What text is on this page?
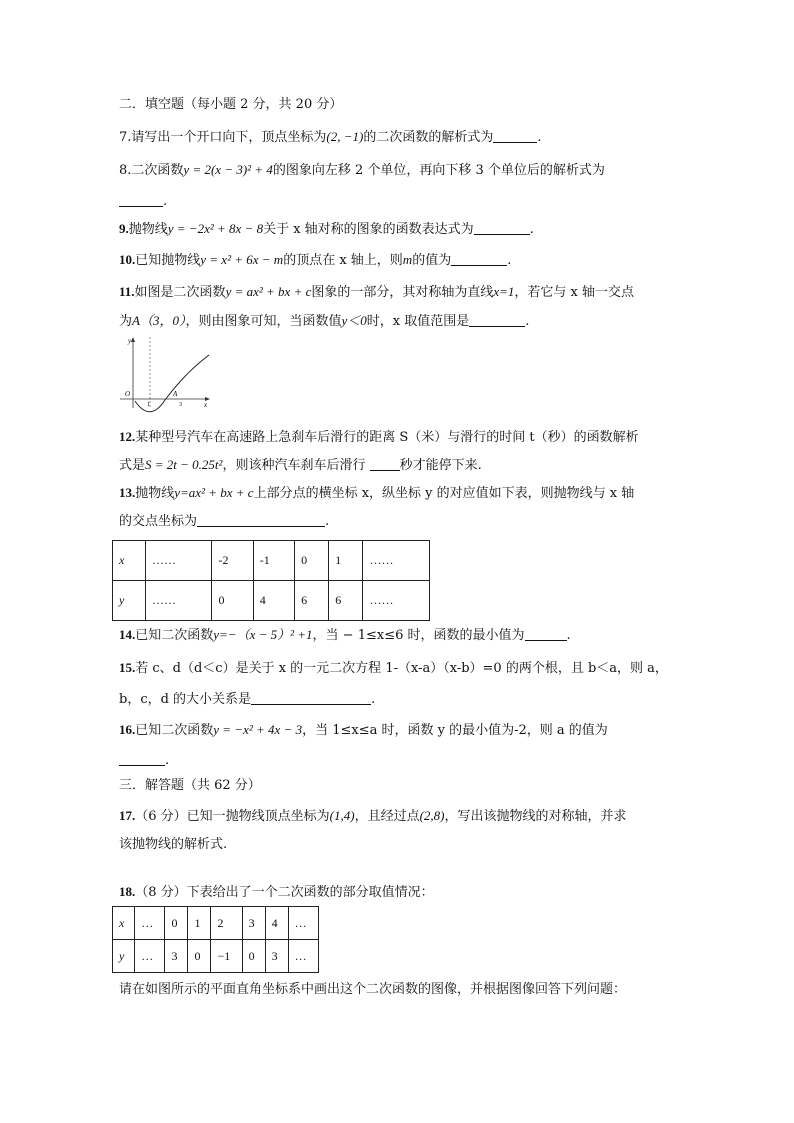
二．填空题（每小题 2 分，共 20 分）
7.请写出一个开口向下，顶点坐标为(2, −1)的二次函数的解析式为	.
8.二次函数y = 2(x − 3)² + 4的图象向左移 2 个单位，再向下移 3 个单位后的解析式为
.
9.抛物线y = −2x² + 8x − 8关于 x 轴对称的图象的函数表达式为	.
10.已知抛物线y = x² + 6x − m的顶点在 x 轴上，则m的值为	.
11.如图是二次函数y = ax² + bx + c图象的一部分，其对称轴为直线x=1，若它与 x 轴一交点
为A（3，0），则由图象可知，当函数值y＜0时，x 取值范围是	.
y
x
O	A
1	3
12.某种型号汽车在高速路上急刹车后滑行的距离 S（米）与滑行的时间 t（秒）的函数解析
式是S = 2t − 0.25t²，则该种汽车刹车后滑行	秒才能停下来.
13.抛物线y=ax² + bx + c上部分点的横坐标 x，纵坐标 y 的对应值如下表，则抛物线与 x 轴
的交点坐标为	.
x	……	-2	-1	0	1	……
y	……	0	4	6	6	……
14.已知二次函数y=−（x − 5）² +1，当 − 1≤x≤6 时，函数的最小值为	.
15.若 c、d（d＜c）是关于 x 的一元二次方程 1-（x-a）（x-b）=0 的两个根，且 b＜a，则 a，
b，c，d 的大小关系是	.
16.已知二次函数y = −x² + 4x − 3，当 1≤x≤a 时，函数 y 的最小值为-2，则 a 的值为
.
三．解答题（共 62 分）
17.（6 分）已知一抛物线顶点坐标为(1,4)，且经过点(2,8)，写出该抛物线的对称轴，并求
该抛物线的解析式.
18.（8 分）下表给出了一个二次函数的部分取值情况：
x	…	0	1	2	3	4	…
y	…	3	0	−1	0	3	…
请在如图所示的平面直角坐标系中画出这个二次函数的图像，并根据图像回答下列问题：
